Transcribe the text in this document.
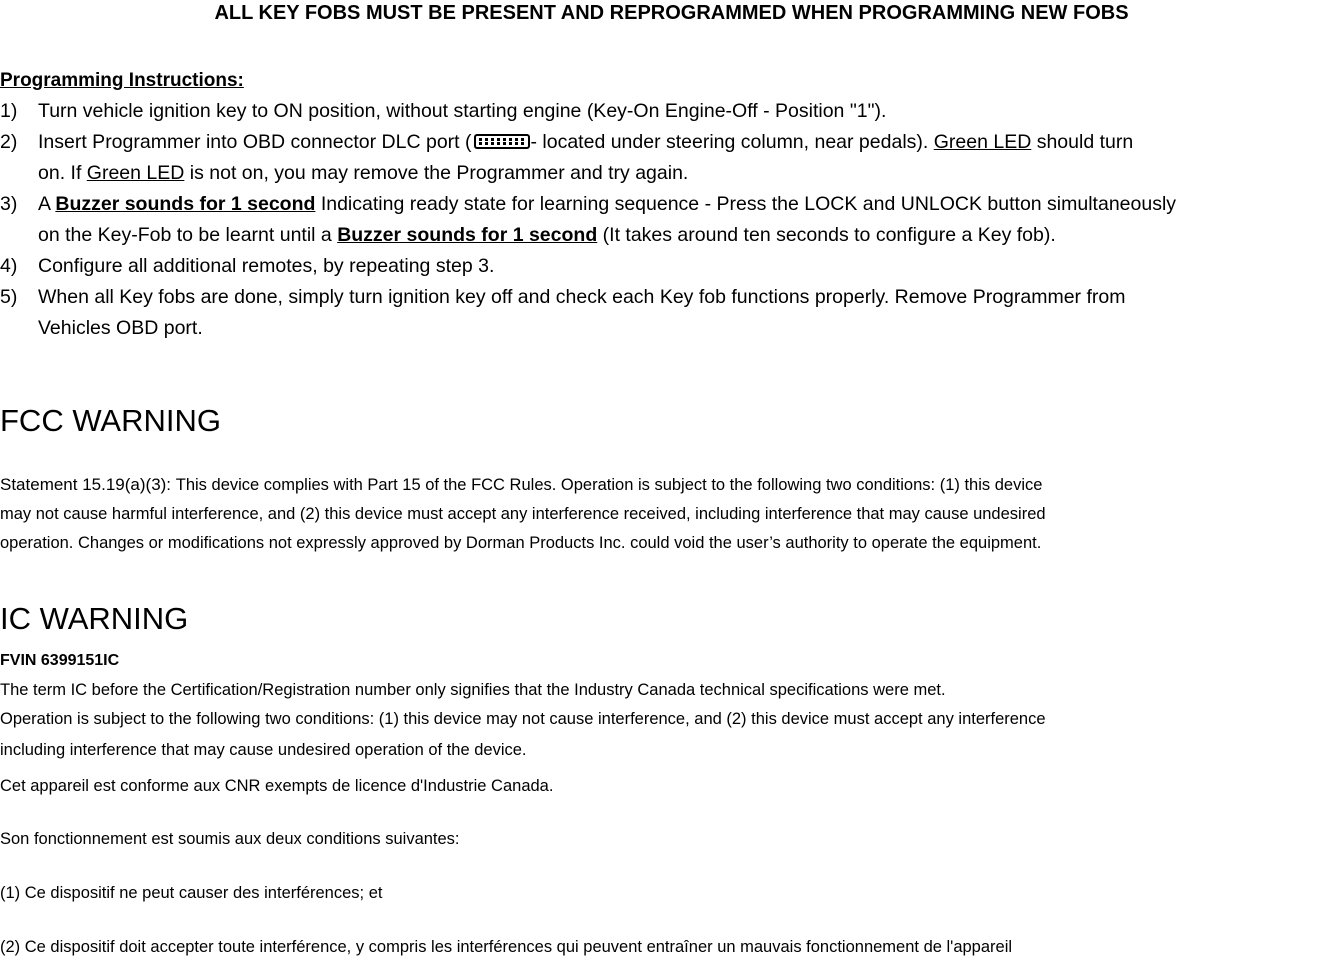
ALL KEY FOBS MUST BE PRESENT AND REPROGRAMMED WHEN PROGRAMMING NEW FOBS
Programming Instructions:
1) Turn vehicle ignition key to ON position, without starting engine (Key-On Engine-Off - Position "1").
2) Insert Programmer into OBD connector DLC port (	- located under steering column, near pedals). Green LED should turn
on. If Green LED is not on, you may remove the Programmer and try again.
3) A Buzzer sounds for 1 second Indicating ready state for learning sequence - Press the LOCK and UNLOCK button simultaneously
on the Key-Fob to be learnt until a Buzzer sounds for 1 second (It takes around ten seconds to configure a Key fob).
4) Configure all additional remotes, by repeating step 3.
5) When all Key fobs are done, simply turn ignition key off and check each Key fob functions properly. Remove Programmer from
Vehicles OBD port.
FCC WARNING
Statement 15.19(a)(3): This device complies with Part 15 of the FCC Rules. Operation is subject to the following two conditions: (1) this device
may not cause harmful interference, and (2) this device must accept any interference received, including interference that may cause undesired
operation. Changes or modifications not expressly approved by Dorman Products Inc. could void the user’s authority to operate the equipment.
IC WARNING
FVIN 6399151IC
The term IC before the Certification/Registration number only signifies that the Industry Canada technical specifications were met.
Operation is subject to the following two conditions: (1) this device may not cause interference, and (2) this device must accept any interference
including interference that may cause undesired operation of the device.
Cet appareil est conforme aux CNR exempts de licence d'Industrie Canada.
Son fonctionnement est soumis aux deux conditions suivantes:
(1) Ce dispositif ne peut causer des interférences; et
(2) Ce dispositif doit accepter toute interférence, y compris les interférences qui peuvent entraîner un mauvais fonctionnement de l'appareil
